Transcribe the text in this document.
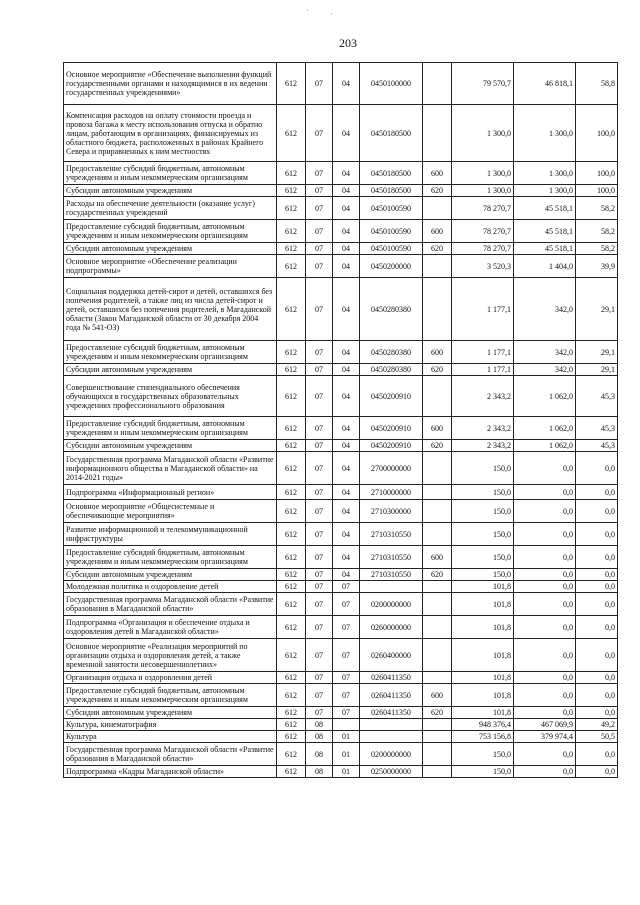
·	·
203
Основное мероприятие «Обеспечение выполнения функций государственными органами и находящимися в их ведении государственных учреждениями»	612	07	04	0450100000		79 570,7	46 818,1	58,8
Компенсация расходов на оплату стоимости проезда и провоза багажа к месту использования отпуска и обратно лицам, работающим в организациях, финансируемых из областного бюджета, расположенных в районах Крайнего Севера и приравненных к ним местностях	612	07	04	0450180500		1 300,0	1 300,0	100,0
Предоставление субсидий бюджетным, автономным учреждениям и иным некоммерческим организациям	612	07	04	0450180500	600	1 300,0	1 300,0	100,0
Субсидии автономным учреждениям	612	07	04	0450180500	620	1 300,0	1 300,0	100,0
Расходы на обеспечение деятельности (оказание услуг) государственных учреждений	612	07	04	0450100590		78 270,7	45 518,1	58,2
Предоставление субсидий бюджетным, автономным учреждениям и иным некоммерческим организациям	612	07	04	0450100590	600	78 270,7	45 518,1	58,2
Субсидии автономным учреждениям	612	07	04	0450100590	620	78 270,7	45 518,1	58,2
Основное мероприятие «Обеспечение реализации подпрограммы»	612	07	04	0450200000		3 520,3	1 404,0	39,9
Социальная поддержка детей-сирот и детей, оставшихся без попечения родителей, а также лиц из числа детей-сирот и детей, оставшихся без попечения родителей, в Магаданской области (Закон Магаданской области от 30 декабря 2004 года № 541-ОЗ)	612	07	04	0450280380		1 177,1	342,0	29,1
Предоставление субсидий бюджетным, автономным учреждениям и иным некоммерческим организациям	612	07	04	0450280380	600	1 177,1	342,0	29,1
Субсидии автономным учреждениям	612	07	04	0450280380	620	1 177,1	342,0	29,1
Совершенствование стипендиального обеспечения обучающихся в государственных образовательных учреждениях профессионального образования	612	07	04	0450200910		2 343,2	1 062,0	45,3
Предоставление субсидий бюджетным, автономным учреждениям и иным некоммерческим организациям	612	07	04	0450200910	600	2 343,2	1 062,0	45,3
Субсидии автономным учреждениям	612	07	04	0450200910	620	2 343,2	1 062,0	45,3
Государственная программа Магаданской области «Развитие информационного общества в Магаданской области» на 2014-2021 годы»	612	07	04	2700000000		150,0	0,0	0,0
Подпрограмма «Информационный регион»	612	07	04	2710000000		150,0	0,0	0,0
Основное мероприятие «Общесистемные и обеспечивающие мероприятия»	612	07	04	2710300000		150,0	0,0	0,0
Развитие информационной и телекоммуникационной инфраструктуры	612	07	04	2710310550		150,0	0,0	0,0
Предоставление субсидий бюджетным, автономным учреждениям и иным некоммерческим организациям	612	07	04	2710310550	600	150,0	0,0	0,0
Субсидии автономным учреждениям	612	07	04	2710310550	620	150,0	0,0	0,0
Молодежная политика и оздоровление детей	612	07	07			101,8	0,0	0,0
Государственная программа Магаданской области «Развитие образования в Магаданской области»	612	07	07	0200000000		101,8	0,0	0,0
Подпрограмма «Организация и обеспечение отдыха и оздоровления детей в Магаданской области»	612	07	07	0260000000		101,8	0,0	0,0
Основное мероприятие «Реализация мероприятий по организации отдыха и оздоровления детей, а также временной занятости несовершеннолетних»	612	07	07	0260400000		101,8	0,0	0,0
Организация отдыха и оздоровления детей	612	07	07	0260411350		101,8	0,0	0,0
Предоставление субсидий бюджетным, автономным учреждениям и иным некоммерческим организациям	612	07	07	0260411350	600	101,8	0,0	0,0
Субсидии автономным учреждениям	612	07	07	0260411350	620	101,8	0,0	0,0
Культура, кинематография	612	08				948 376,4	467 069,9	49,2
Культура	612	08	01			753 156,8	379 974,4	50,5
Государственная программа Магаданской области «Развитие образования в Магаданской области»	612	08	01	0200000000		150,0	0,0	0,0
Подпрограмма «Кадры Магаданской области»	612	08	01	0250000000		150,0	0,0	0,0
